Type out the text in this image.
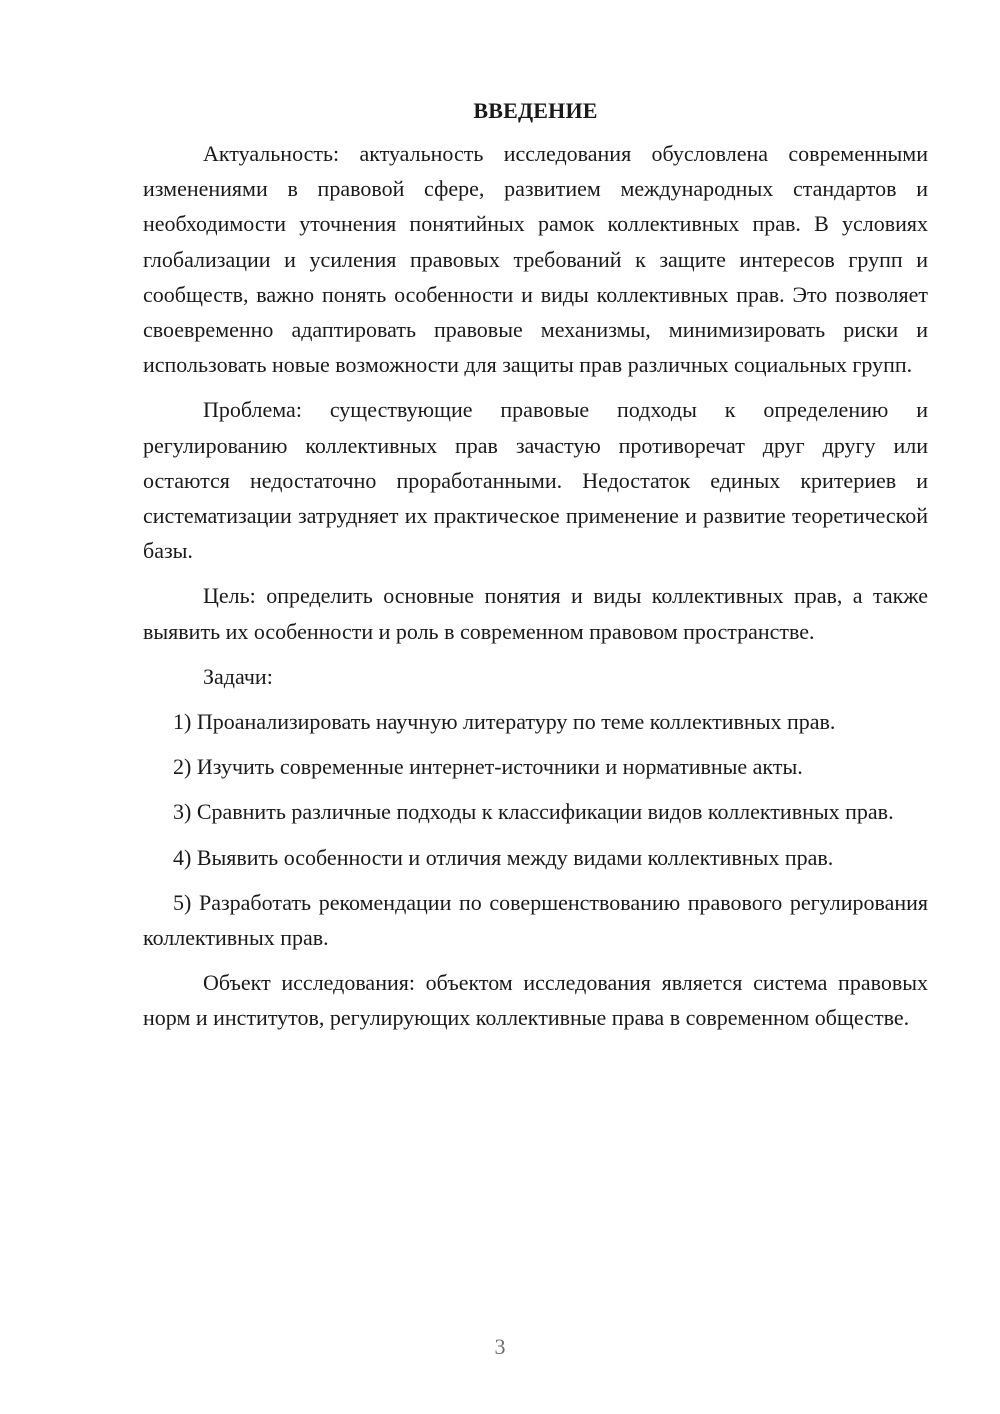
ВВЕДЕНИЕ

Актуальность: актуальность исследования обусловлена современными изменениями в правовой сфере, развитием международных стандартов и необходимости уточнения понятийных рамок коллективных прав. В условиях глобализации и усиления правовых требований к защите интересов групп и сообществ, важно понять особенности и виды коллективных прав. Это позволяет своевременно адаптировать правовые механизмы, минимизировать риски и использовать новые возможности для защиты прав различных социальных групп.

Проблема: существующие правовые подходы к определению и регулированию коллективных прав зачастую противоречат друг другу или остаются недостаточно проработанными. Недостаток единых критериев и систематизации затрудняет их практическое применение и развитие теоретической базы.

Цель: определить основные понятия и виды коллективных прав, а также выявить их особенности и роль в современном правовом пространстве.

Задачи:

1) Проанализировать научную литературу по теме коллективных прав.

2) Изучить современные интернет-источники и нормативные акты.

3) Сравнить различные подходы к классификации видов коллективных прав.

4) Выявить особенности и отличия между видами коллективных прав.

5) Разработать рекомендации по совершенствованию правового регулирования коллективных прав.

Объект исследования: объектом исследования является система правовых норм и институтов, регулирующих коллективные права в современном обществе.

3
